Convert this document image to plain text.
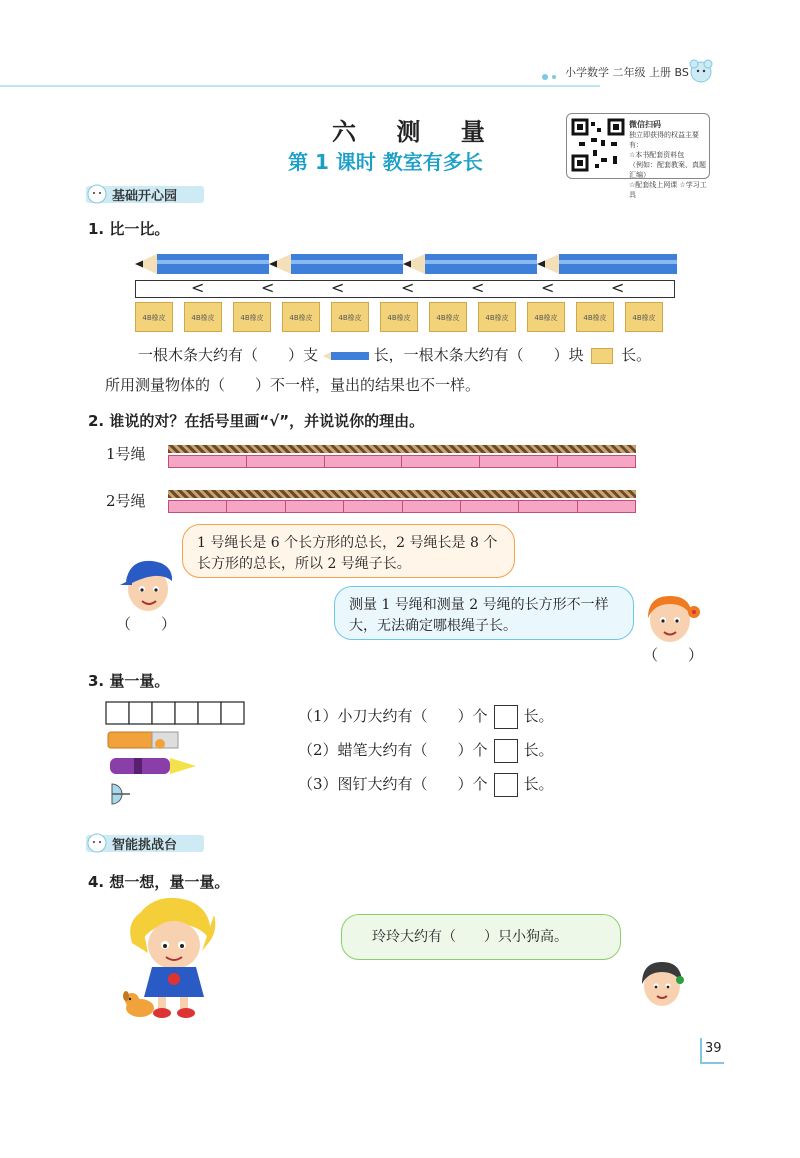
小学数学 二年级 上册 BS
六 测 量
第 1 课时 教室有多长
微信扫码
独立即获得的权益主要有：
☆本书配套资料包
（例如：配套教案、真题汇编）
☆配套线上网课 ☆学习工具
基础开心园
1. 比一比。
<	<	<	<	<	<	<
4B橡皮	4B橡皮	4B橡皮	4B橡皮	4B橡皮	4B橡皮	4B橡皮	4B橡皮	4B橡皮	4B橡皮	4B橡皮
一根木条大约有（　　）支	长，一根木条大约有（　　）块	长。
所用测量物体的（　　）不一样，量出的结果也不一样。
2. 谁说的对？在括号里画“√”，并说说你的理由。
1号绳
2号绳
1 号绳长是 6 个长方形的总长，2 号绳长是 8 个长方形的总长，所以 2 号绳子长。
（　　）
测量 1 号绳和测量 2 号绳的长方形不一样大，无法确定哪根绳子长。
（　　）
3. 量一量。
（1）小刀大约有（　　）个 长。
（2）蜡笔大约有（　　）个 长。
（3）图钉大约有（　　）个 长。
智能挑战台
4. 想一想，量一量。
玲玲大约有（　　）只小狗高。
39
